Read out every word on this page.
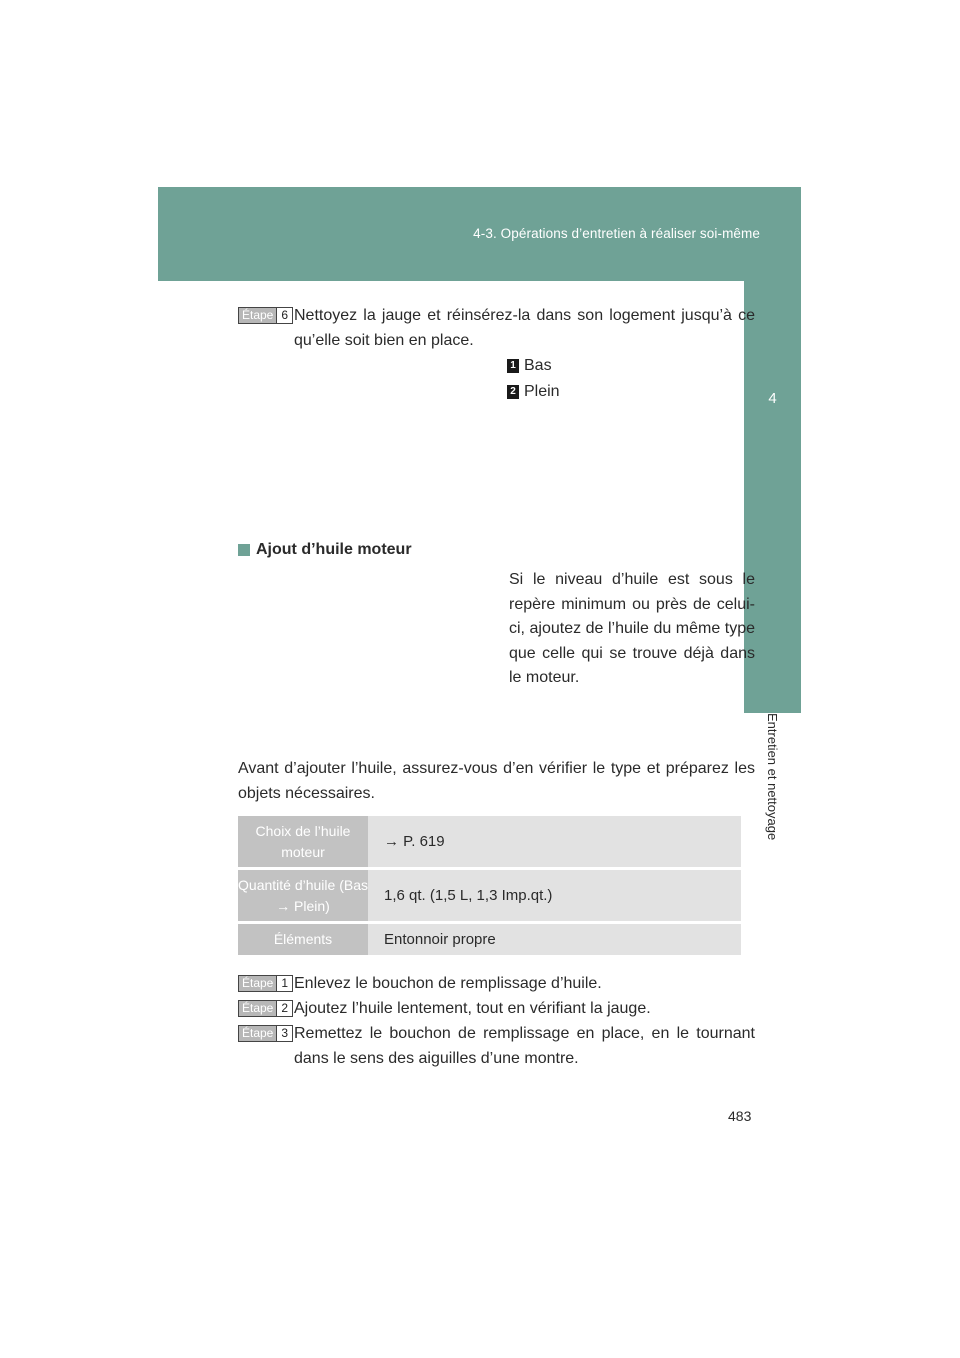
4-3. Opérations d’entretien à réaliser soi-même
4
Entretien et nettoyage
Étape 6 Nettoyez la jauge et réinsérez-la dans son logement jusqu’à ce
qu’elle soit bien en place.
1 Bas
2 Plein
Ajout d’huile moteur
Si le niveau d’huile est sous le repère minimum ou près de celui-ci, ajoutez de l’huile du même type que celle qui se trouve déjà dans le moteur.
Avant d’ajouter l’huile, assurez-vous d’en vérifier le type et préparez les objets nécessaires.
Choix de l’huile moteur
→ P. 619
Quantité d’huile (Bas → Plein)
1,6 qt. (1,5 L, 1,3 Imp.qt.)
Éléments	Entonnoir propre
Étape 1 Enlevez le bouchon de remplissage d’huile.
Étape 2 Ajoutez l’huile lentement, tout en vérifiant la jauge.
Étape 3 Remettez le bouchon de remplissage en place, en le tournant
dans le sens des aiguilles d’une montre.
483
